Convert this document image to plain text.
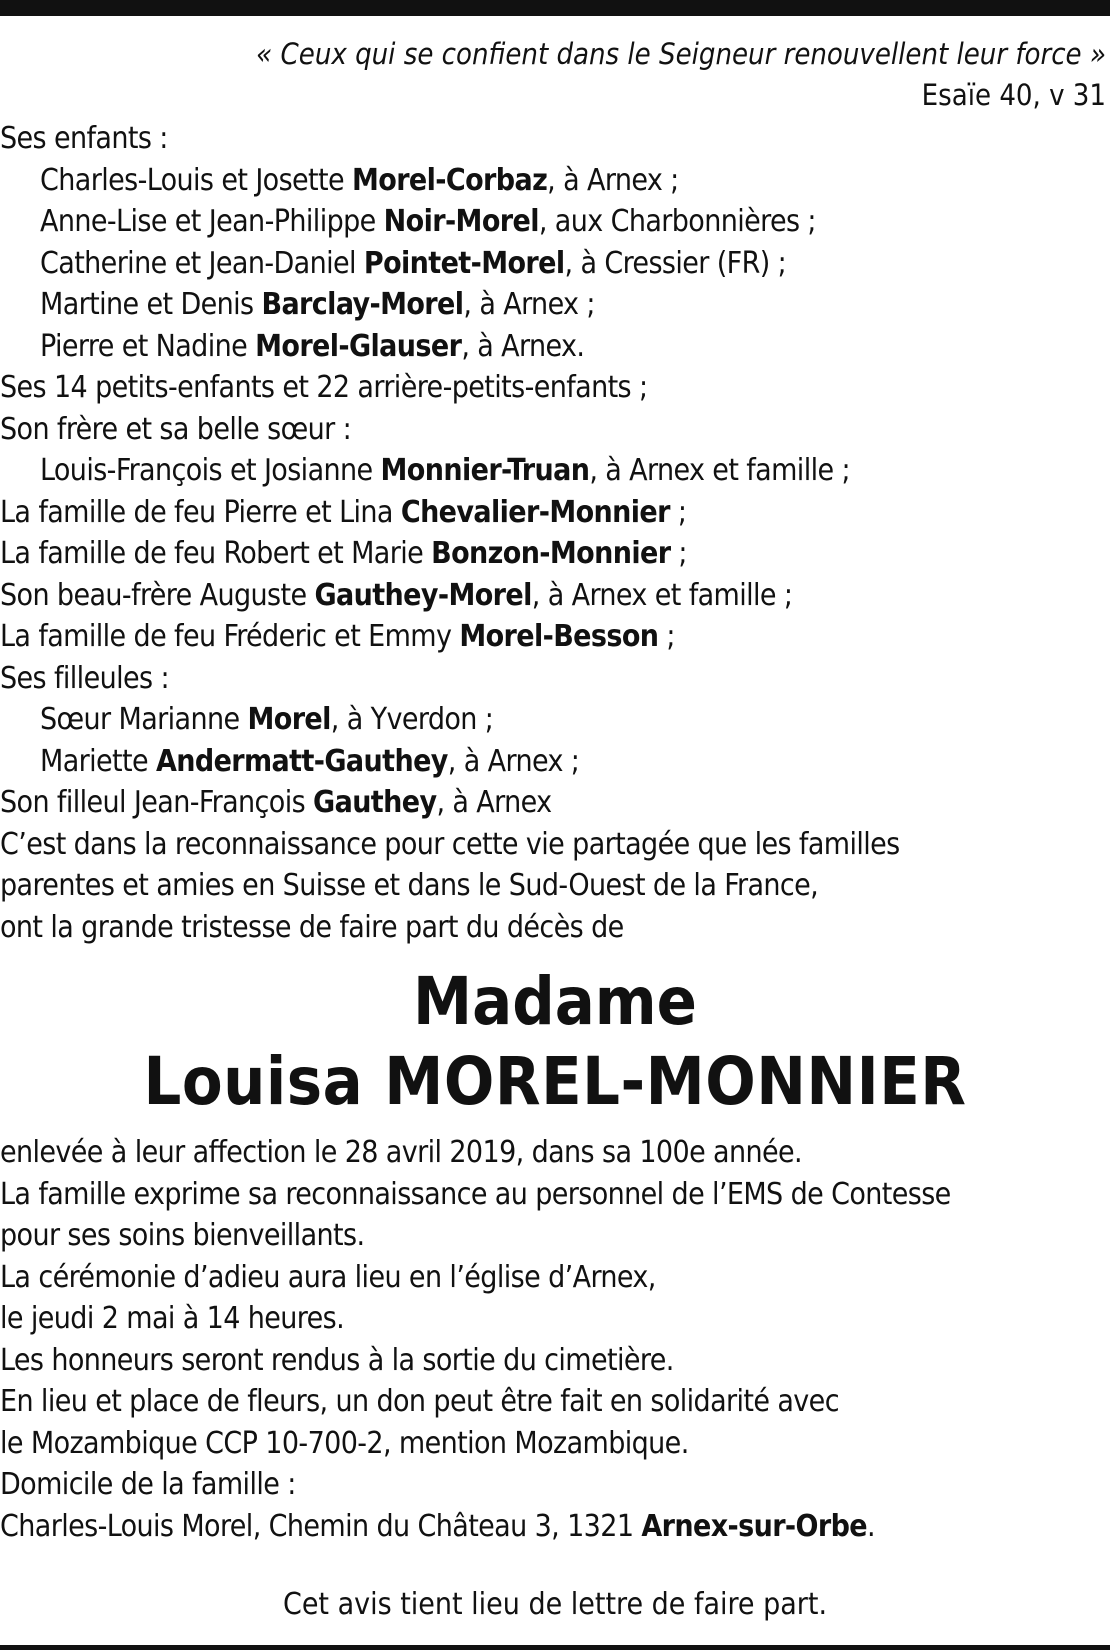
« Ceux qui se confient dans le Seigneur renouvellent leur force »
Esaïe 40, v 31
Ses enfants :
Charles-Louis et Josette Morel-Corbaz, à Arnex ;
Anne-Lise et Jean-Philippe Noir-Morel, aux Charbonnières ;
Catherine et Jean-Daniel Pointet-Morel, à Cressier (FR) ;
Martine et Denis Barclay-Morel, à Arnex ;
Pierre et Nadine Morel-Glauser, à Arnex.
Ses 14 petits-enfants et 22 arrière-petits-enfants ;
Son frère et sa belle sœur :
Louis-François et Josianne Monnier-Truan, à Arnex et famille ;
La famille de feu Pierre et Lina Chevalier-Monnier ;
La famille de feu Robert et Marie Bonzon-Monnier ;
Son beau-frère Auguste Gauthey-Morel, à Arnex et famille ;
La famille de feu Fréderic et Emmy Morel-Besson ;
Ses filleules :
Sœur Marianne Morel, à Yverdon ;
Mariette Andermatt-Gauthey, à Arnex ;
Son filleul Jean-François Gauthey, à Arnex
C’est dans la reconnaissance pour cette vie partagée que les familles
parentes et amies en Suisse et dans le Sud-Ouest de la France,
ont la grande tristesse de faire part du décès de
Madame
Louisa MOREL-MONNIER
enlevée à leur affection le 28 avril 2019, dans sa 100e année.
La famille exprime sa reconnaissance au personnel de l’EMS de Contesse
pour ses soins bienveillants.
La cérémonie d’adieu aura lieu en l’église d’Arnex,
le jeudi 2 mai à 14 heures.
Les honneurs seront rendus à la sortie du cimetière.
En lieu et place de fleurs, un don peut être fait en solidarité avec
le Mozambique CCP 10-700-2, mention Mozambique.
Domicile de la famille :
Charles-Louis Morel, Chemin du Château 3, 1321 Arnex-sur-Orbe.
Cet avis tient lieu de lettre de faire part.
